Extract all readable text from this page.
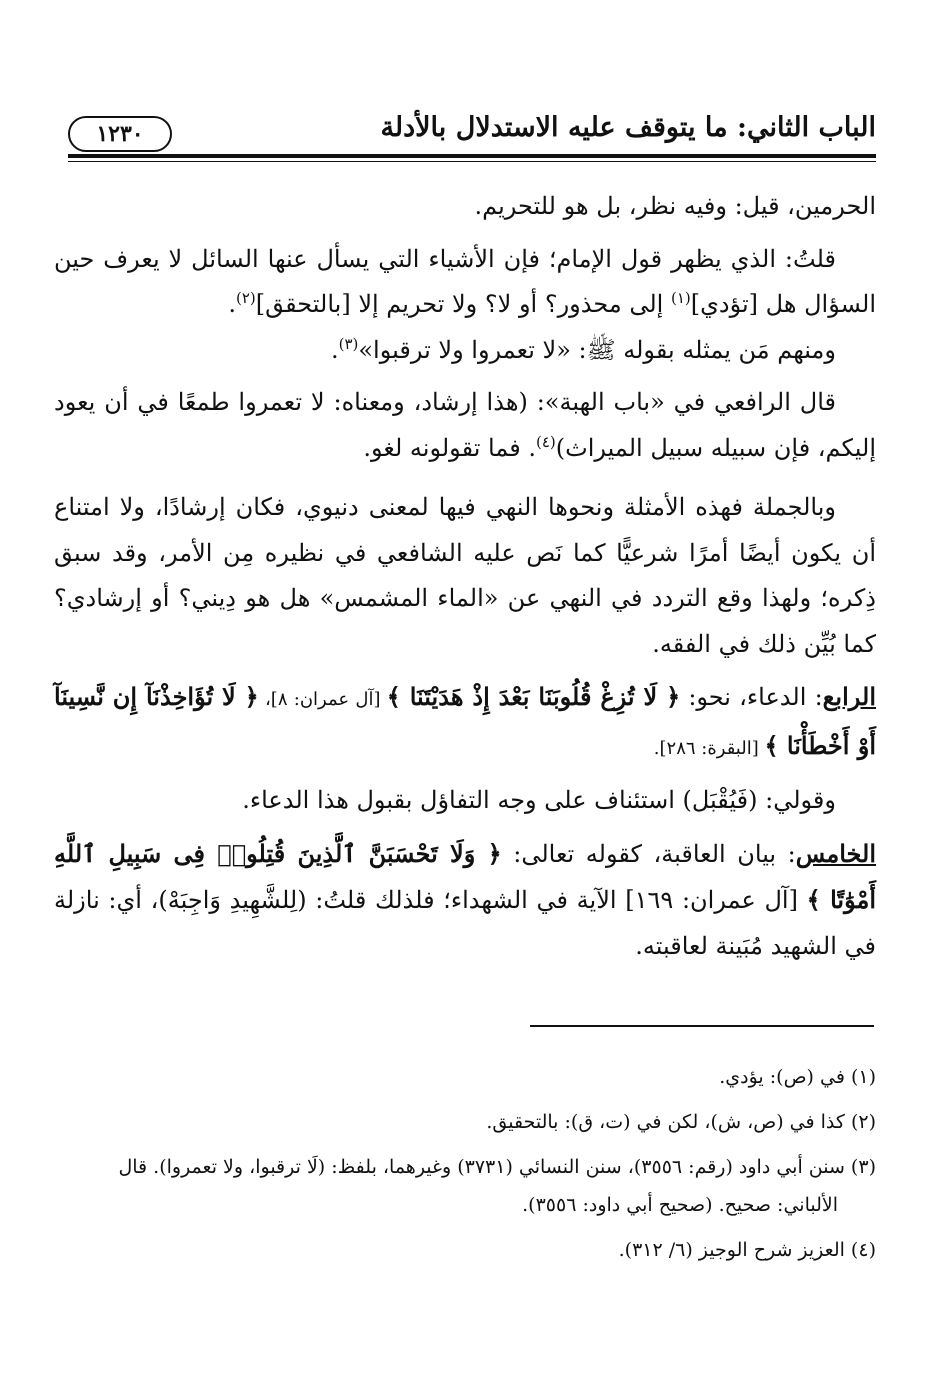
الباب الثاني: ما يتوقف عليه الاستدلال بالأدلة
١٢٣٠

الحرمين، قيل: وفيه نظر، بل هو للتحريم.

قلتُ: الذي يظهر قول الإمام؛ فإن الأشياء التي يسأل عنها السائل لا يعرف حين السؤال هل [تؤدي]$^{(١)}$ إلى محذور؟ أو لا؟ ولا تحريم إلا [بالتحقق]$^{(٢)}$.

ومنهم مَن يمثله بقوله ﷺ: «لا تعمروا ولا ترقبوا»$^{(٣)}$.

قال الرافعي في «باب الهبة»: (هذا إرشاد، ومعناه: لا تعمروا طمعًا في أن يعود إليكم، فإن سبيله سبيل الميراث)$^{(٤)}$. فما تقولونه لغو.

وبالجملة فهذه الأمثلة ونحوها النهي فيها لمعنى دنيوي، فكان إرشادًا، ولا امتناع أن يكون أيضًا أمرًا شرعيًّا كما نَص عليه الشافعي في نظيره مِن الأمر، وقد سبق ذِكره؛ ولهذا وقع التردد في النهي عن «الماء المشمس» هل هو دِيني؟ أو إرشادي؟ كما بُيِّن ذلك في الفقه.

الرابع: الدعاء، نحو: ﴿ لَا تُزِغْ قُلُوبَنَا بَعْدَ إِذْ هَدَيْتَنَا ﴾ [آل عمران: ٨]، ﴿ لَا تُؤَاخِذْنَآ إِن نَّسِينَآ أَوْ أَخْطَأْنَا ﴾ [البقرة: ٢٨٦].

وقولي: (فَيُقْبَل) استئناف على وجه التفاؤل بقبول هذا الدعاء.

الخامس: بيان العاقبة، كقوله تعالى: ﴿ وَلَا تَحْسَبَنَّ ٱلَّذِينَ قُتِلُوا۟ فِى سَبِيلِ ٱللَّهِ أَمْوَٰتًا ﴾ [آل عمران: ١٦٩] الآية في الشهداء؛ فلذلك قلتُ: (لِلشَّهِيدِ وَاجِبَهْ)، أي: نازلة في الشهيد مُبَينة لعاقبته.

(١) في (ص): يؤدي.

(٢) كذا في (ص، ش)، لكن في (ت، ق): بالتحقيق.

(٣) سنن أبي داود (رقم: ٣٥٥٦)، سنن النسائي (٣٧٣١) وغيرهما، بلفظ: (لَا ترقبوا، ولا تعمروا). قال

الألباني: صحيح. (صحيح أبي داود: ٣٥٥٦).

(٤) العزيز شرح الوجيز (٦/ ٣١٢).
